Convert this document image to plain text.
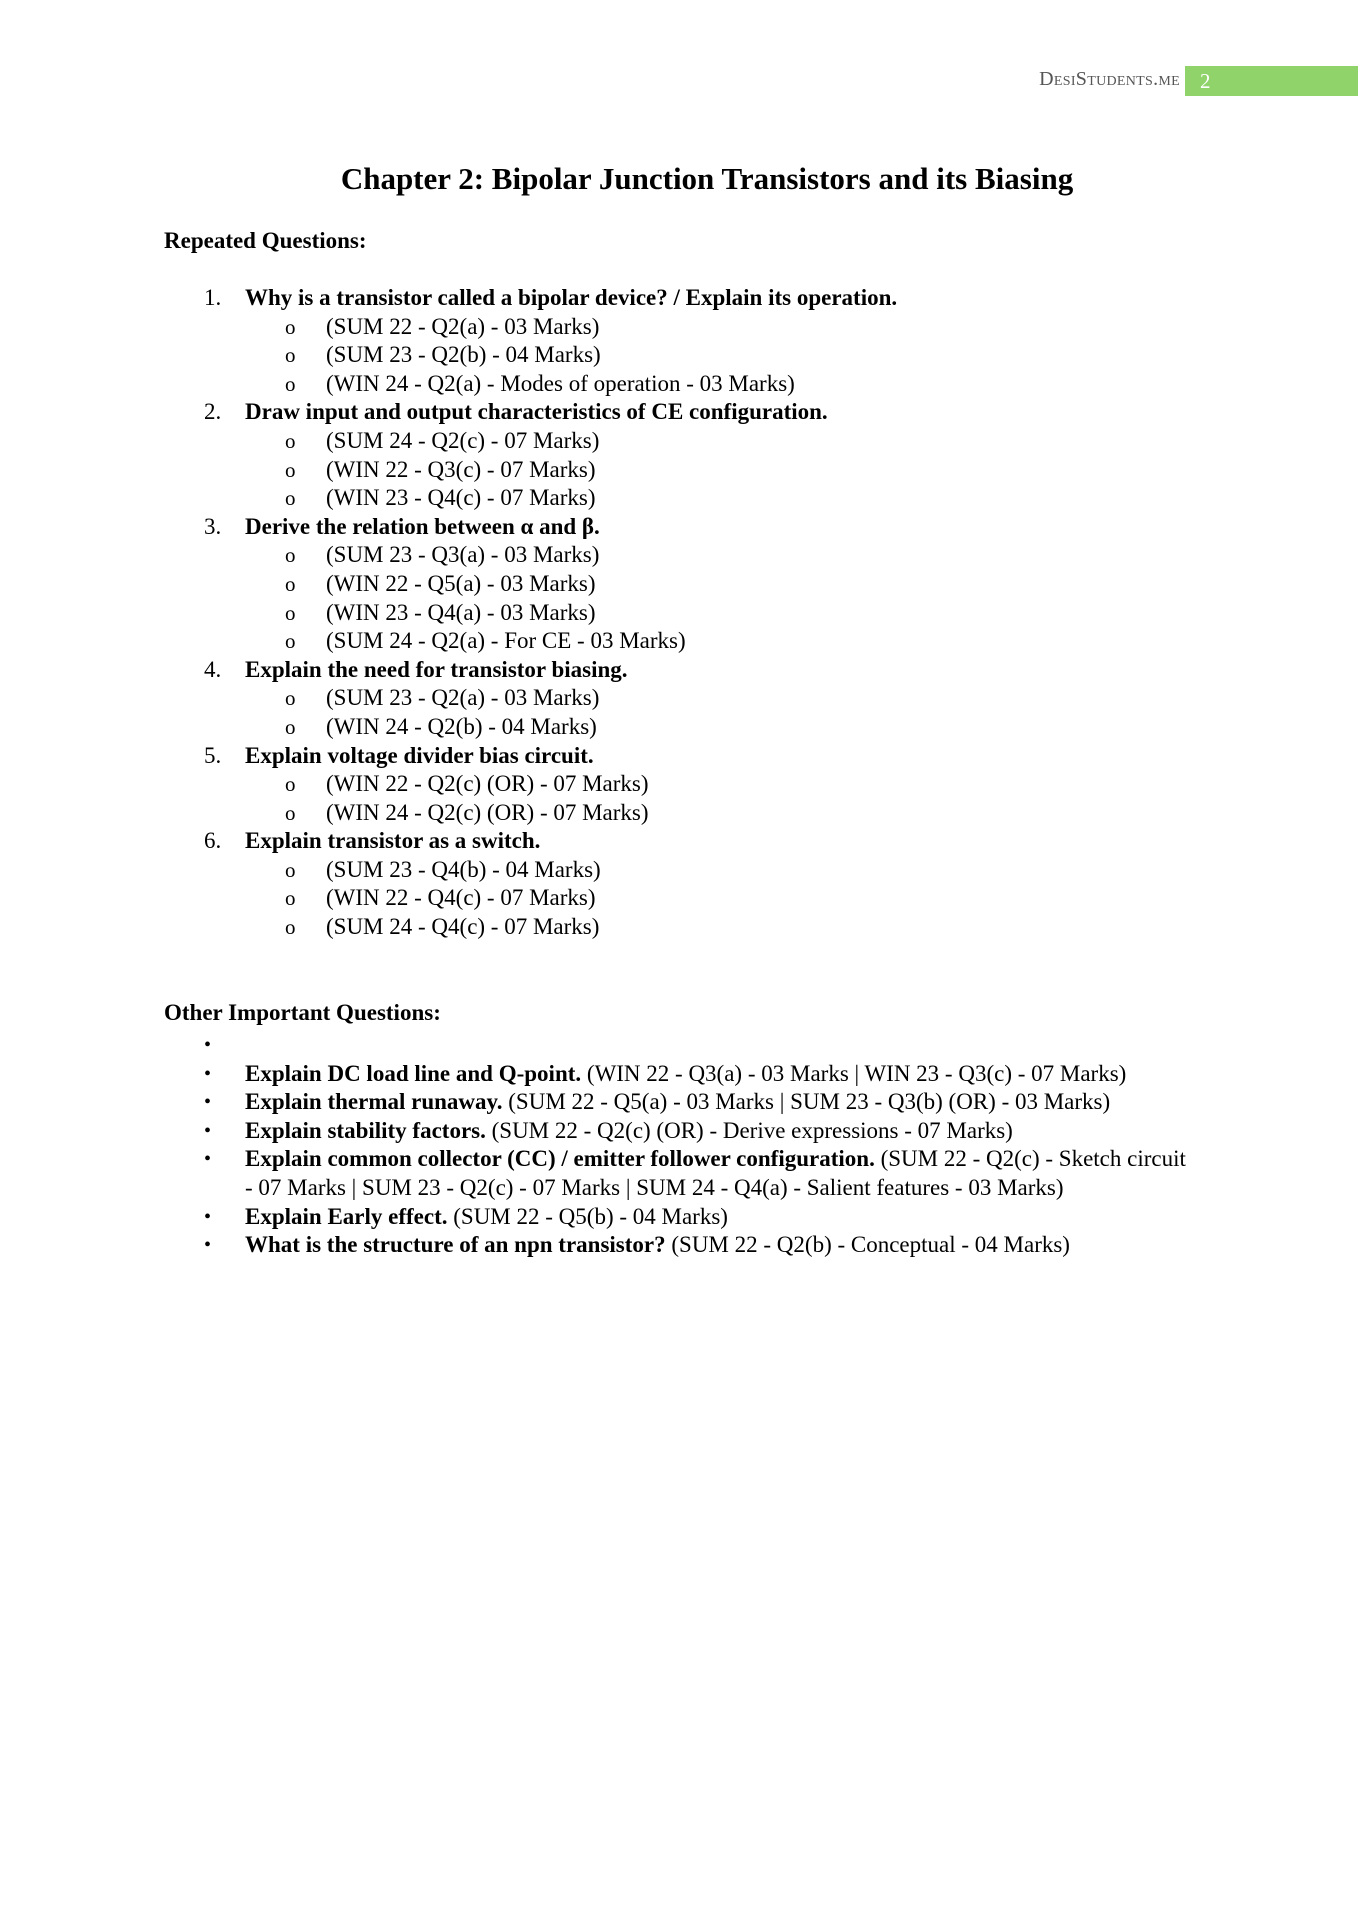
DesiStudents.me 2
Chapter 2: Bipolar Junction Transistors and its Biasing
Repeated Questions:
1. Why is a transistor called a bipolar device? / Explain its operation.
o (SUM 22 - Q2(a) - 03 Marks)
o (SUM 23 - Q2(b) - 04 Marks)
o (WIN 24 - Q2(a) - Modes of operation - 03 Marks)
2. Draw input and output characteristics of CE configuration.
o (SUM 24 - Q2(c) - 07 Marks)
o (WIN 22 - Q3(c) - 07 Marks)
o (WIN 23 - Q4(c) - 07 Marks)
3. Derive the relation between α and β.
o (SUM 23 - Q3(a) - 03 Marks)
o (WIN 22 - Q5(a) - 03 Marks)
o (WIN 23 - Q4(a) - 03 Marks)
o (SUM 24 - Q2(a) - For CE - 03 Marks)
4. Explain the need for transistor biasing.
o (SUM 23 - Q2(a) - 03 Marks)
o (WIN 24 - Q2(b) - 04 Marks)
5. Explain voltage divider bias circuit.
o (WIN 22 - Q2(c) (OR) - 07 Marks)
o (WIN 24 - Q2(c) (OR) - 07 Marks)
6. Explain transistor as a switch.
o (SUM 23 - Q4(b) - 04 Marks)
o (WIN 22 - Q4(c) - 07 Marks)
o (SUM 24 - Q4(c) - 07 Marks)
Other Important Questions:
•

• Explain DC load line and Q-point. (WIN 22 - Q3(a) - 03 Marks | WIN 23 - Q3(c) - 07 Marks)
• Explain thermal runaway. (SUM 22 - Q5(a) - 03 Marks | SUM 23 - Q3(b) (OR) - 03 Marks)
• Explain stability factors. (SUM 22 - Q2(c) (OR) - Derive expressions - 07 Marks)
• Explain common collector (CC) / emitter follower configuration. (SUM 22 - Q2(c) - Sketch circuit - 07 Marks | SUM 23 - Q2(c) - 07 Marks | SUM 24 - Q4(a) - Salient features - 03 Marks)
• Explain Early effect. (SUM 22 - Q5(b) - 04 Marks)
• What is the structure of an npn transistor? (SUM 22 - Q2(b) - Conceptual - 04 Marks)
